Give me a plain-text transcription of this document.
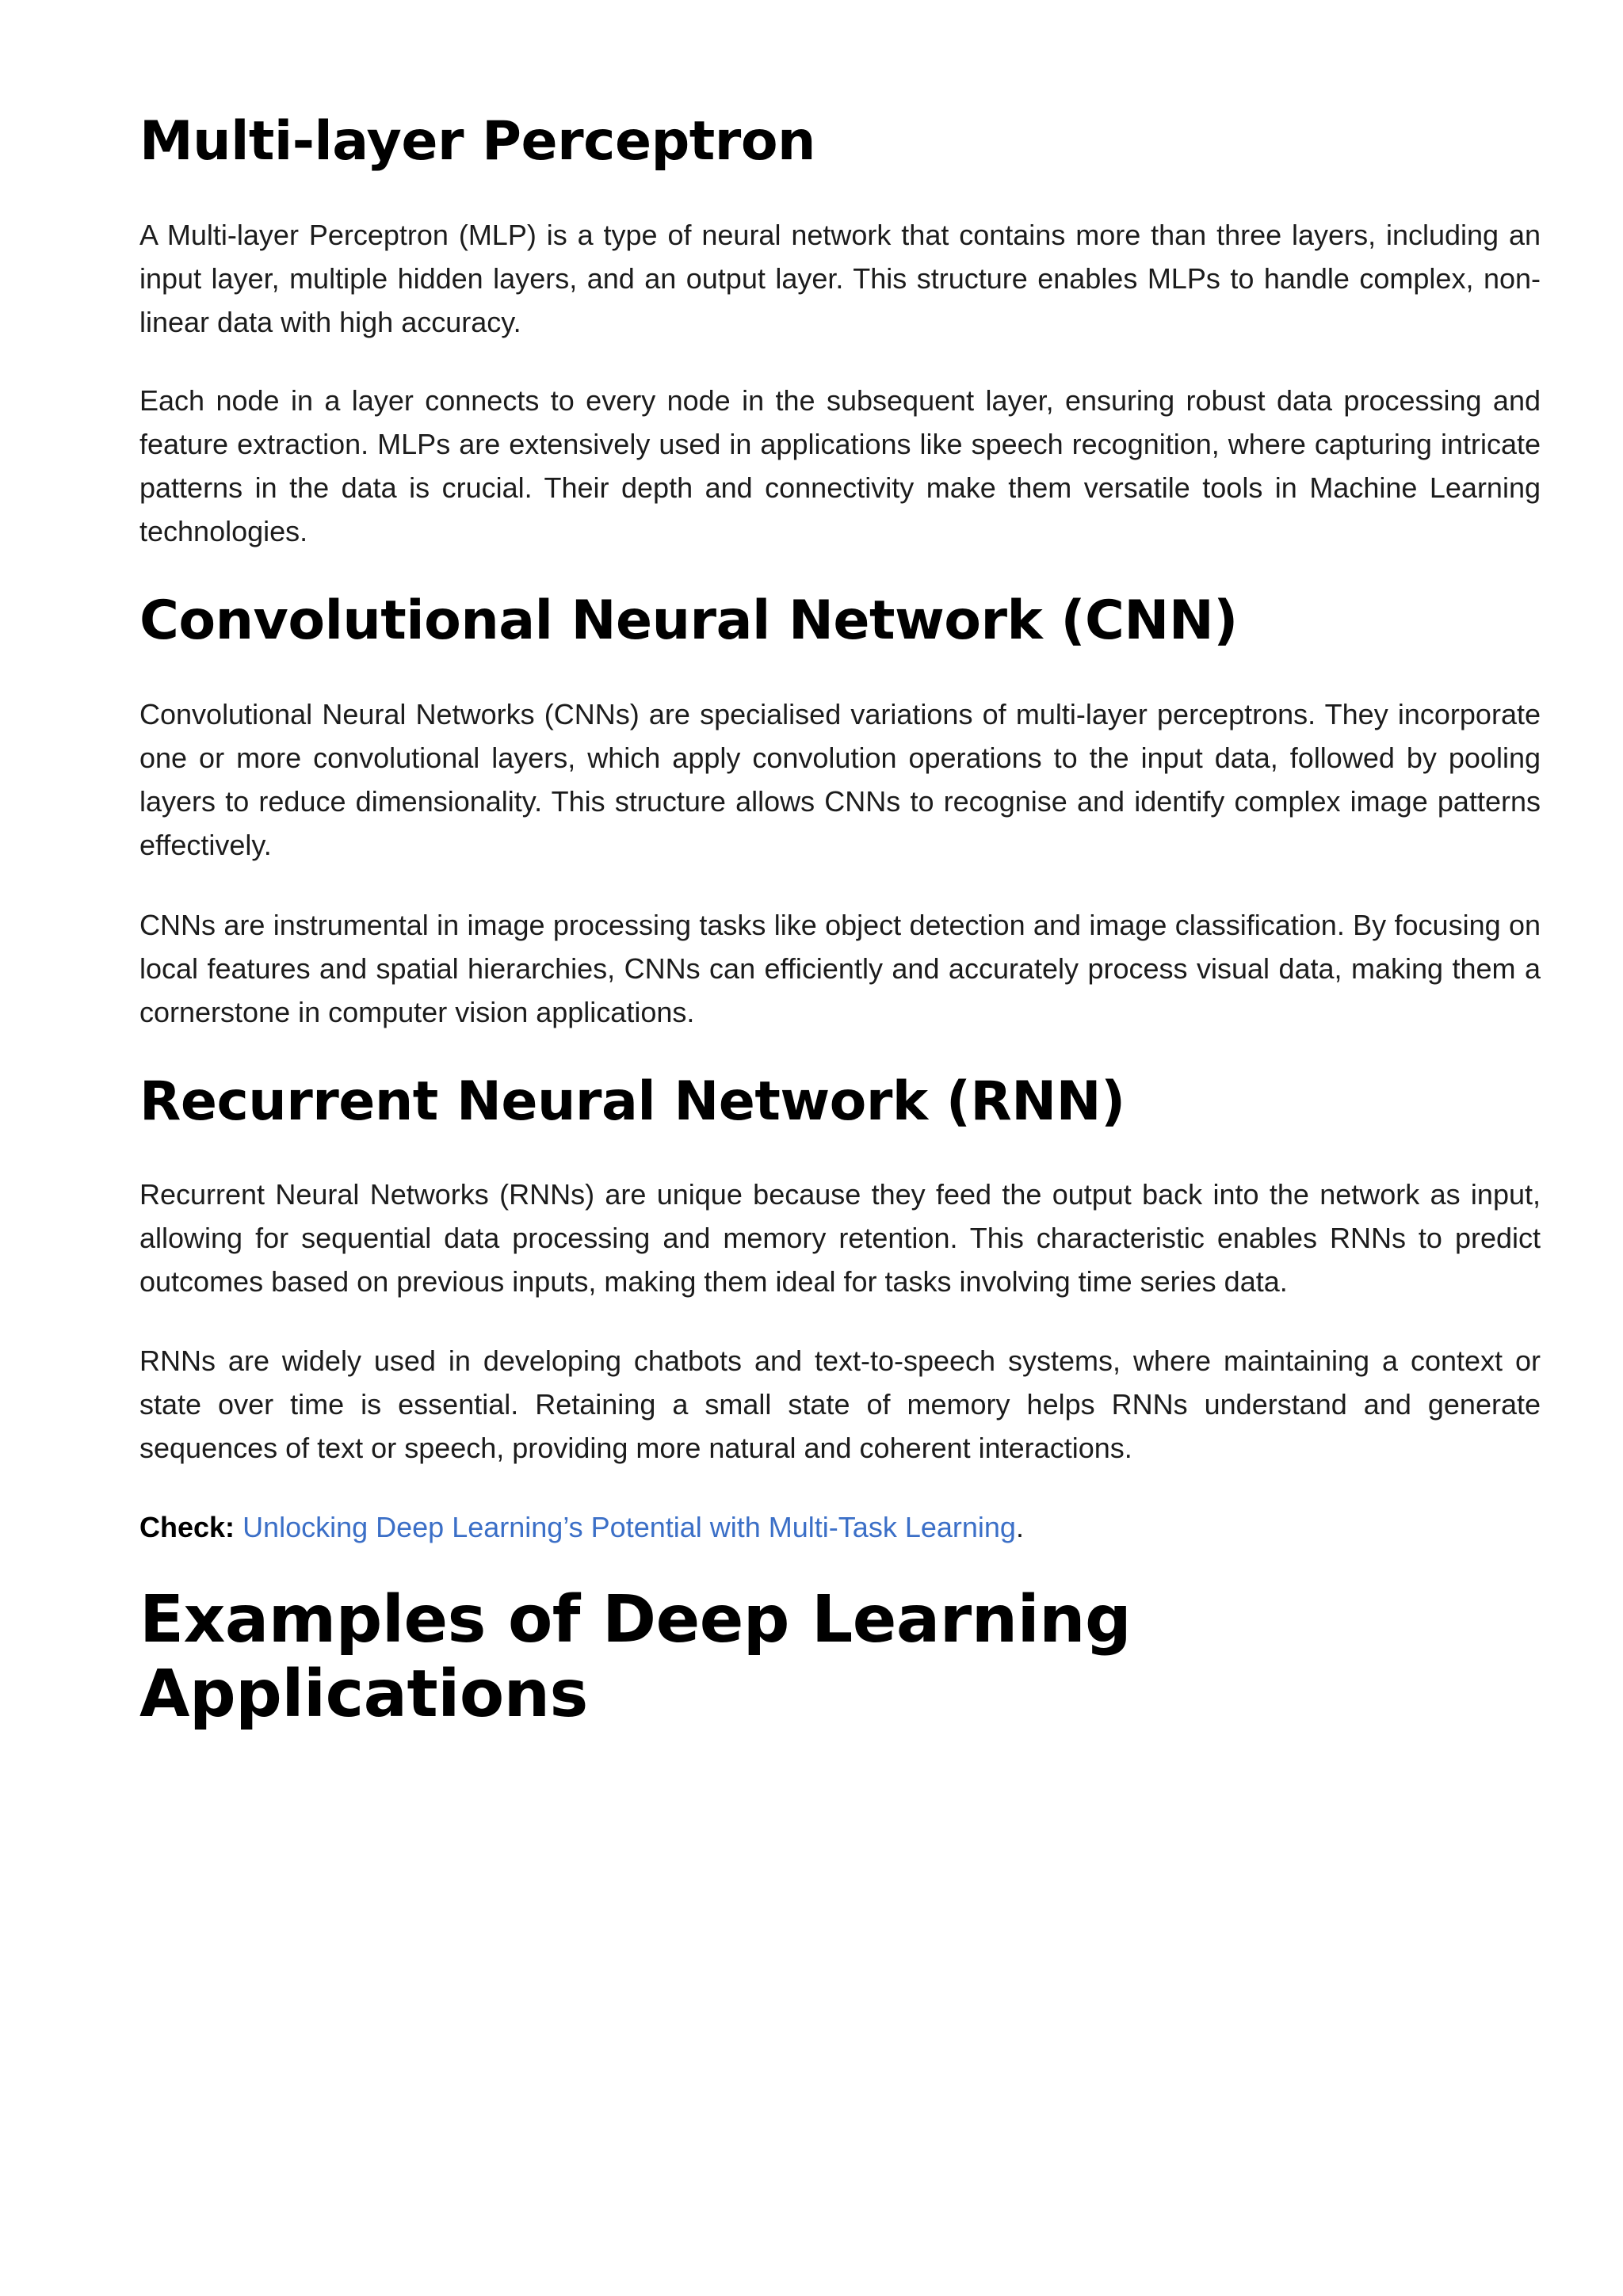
Multi-layer Perceptron

A Multi-layer Perceptron (MLP) is a type of neural network that contains more than three layers, including an input layer, multiple hidden layers, and an output layer. This structure enables MLPs to handle complex, non-linear data with high accuracy.

Each node in a layer connects to every node in the subsequent layer, ensuring robust data processing and feature extraction. MLPs are extensively used in applications like speech recognition, where capturing intricate patterns in the data is crucial. Their depth and connectivity make them versatile tools in Machine Learning technologies.

Convolutional Neural Network (CNN)

Convolutional Neural Networks (CNNs) are specialised variations of multi-layer perceptrons. They incorporate one or more convolutional layers, which apply convolution operations to the input data, followed by pooling layers to reduce dimensionality. This structure allows CNNs to recognise and identify complex image patterns effectively.

CNNs are instrumental in image processing tasks like object detection and image classification. By focusing on local features and spatial hierarchies, CNNs can efficiently and accurately process visual data, making them a cornerstone in computer vision applications.

Recurrent Neural Network (RNN)

Recurrent Neural Networks (RNNs) are unique because they feed the output back into the network as input, allowing for sequential data processing and memory retention. This characteristic enables RNNs to predict outcomes based on previous inputs, making them ideal for tasks involving time series data.

RNNs are widely used in developing chatbots and text-to-speech systems, where maintaining a context or state over time is essential. Retaining a small state of memory helps RNNs understand and generate sequences of text or speech, providing more natural and coherent interactions.

Check: Unlocking Deep Learning’s Potential with Multi-Task Learning.

Examples of Deep Learning Applications
